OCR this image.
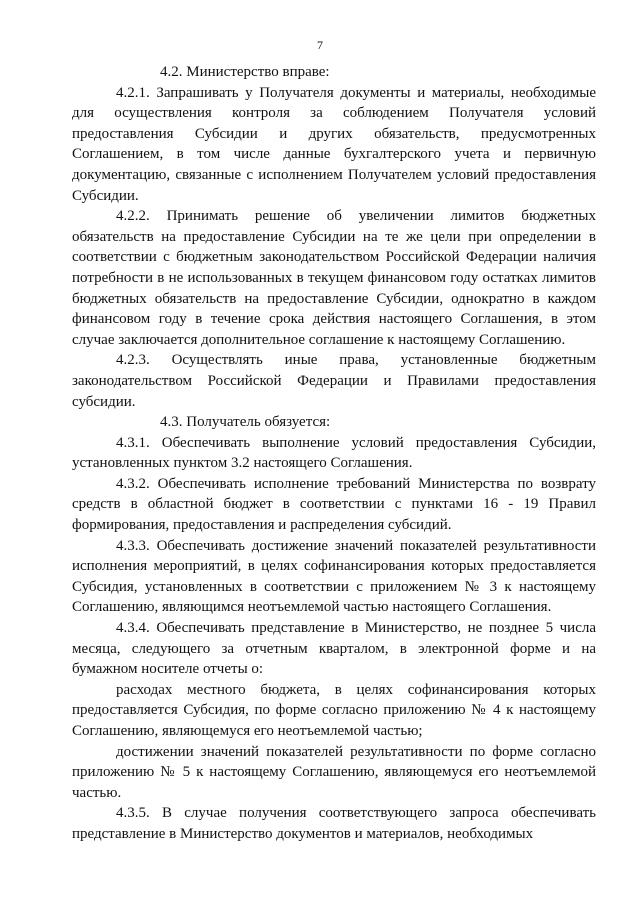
7

4.2. Министерство вправе:

4.2.1. Запрашивать у Получателя документы и материалы, необходимые для осуществления контроля за соблюдением Получателя условий предоставления Субсидии и других обязательств, предусмотренных Соглашением, в том числе данные бухгалтерского учета и первичную документацию, связанные с исполнением Получателем условий предоставления Субсидии.

4.2.2. Принимать решение об увеличении лимитов бюджетных обязательств на предоставление Субсидии на те же цели при определении в соответствии с бюджетным законодательством Российской Федерации наличия потребности в не использованных в текущем финансовом году остатках лимитов бюджетных обязательств на предоставление Субсидии, однократно в каждом финансовом году в течение срока действия настоящего Соглашения, в этом случае заключается дополнительное соглашение к настоящему Соглашению.

4.2.3. Осуществлять иные права, установленные бюджетным законодательством Российской Федерации и Правилами предоставления субсидии.

4.3. Получатель обязуется:

4.3.1. Обеспечивать выполнение условий предоставления Субсидии, установленных пунктом 3.2 настоящего Соглашения.

4.3.2. Обеспечивать исполнение требований Министерства по возврату средств в областной бюджет в соответствии с пунктами 16 - 19 Правил формирования, предоставления и распределения субсидий.

4.3.3. Обеспечивать достижение значений показателей результативности исполнения мероприятий, в целях софинансирования которых предоставляется Субсидия, установленных в соответствии с приложением № 3 к настоящему Соглашению, являющимся неотъемлемой частью настоящего Соглашения.

4.3.4. Обеспечивать представление в Министерство, не позднее 5 числа месяца, следующего за отчетным кварталом, в электронной форме и на бумажном носителе отчеты о:

расходах местного бюджета, в целях софинансирования которых предоставляется Субсидия, по форме согласно приложению № 4 к настоящему Соглашению, являющемуся его неотъемлемой частью;

достижении значений показателей результативности по форме согласно приложению № 5 к настоящему Соглашению, являющемуся его неотъемлемой частью.

4.3.5. В случае получения соответствующего запроса обеспечивать представление в Министерство документов и материалов, необходимых
